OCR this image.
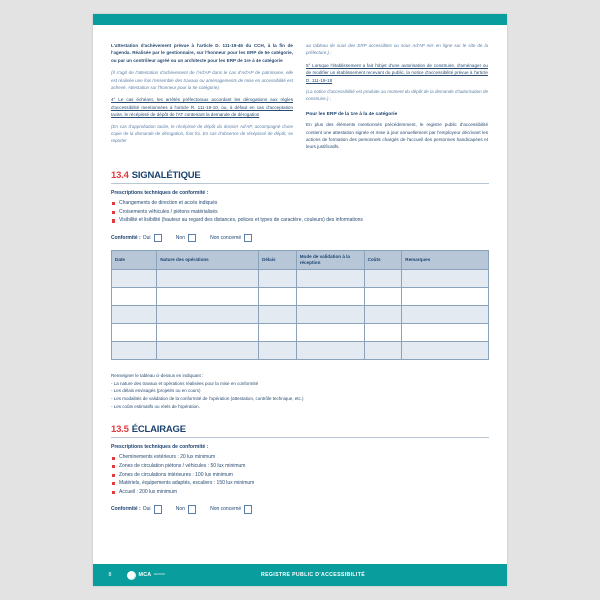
L'attestation d'achèvement prévue à l'article D. 111-19-46 du CCH, à la fin de l'agenda. Réalisée par le gestionnaire, sur l'honneur pour les ERP de 5e catégorie, ou par un contrôleur agréé ou un architecte pour les ERP de 1re à 4e catégorie

(Il s'agit de l'attestation d'achèvement de l'Ad'AP dans le cas d'Ad'AP de patrimoine, elle est réalisée une fois l'ensemble des travaux ou aménagements de mise en accessibilité est achevé. Attestation sur l'honneur pour la 5e catégorie).

4° Le cas échéant, les arrêtés préfectoraux accordant les dérogations aux règles d'accessibilité mentionnées à l'article R. 111-19-10, ou, à défaut en cas d'acceptation tacite, le récépissé de dépôt de l'AT contenant la demande de dérogation

(En cas d'approbation tacite, le récépissé de dépôt du dossier Ad'AP, accompagné d'une copie de la demande de dérogation, font foi. En cas d'absence de récépissé de dépôt, se reporter

au tableau de suivi des ERP accessibles ou sous Ad'AP mis en ligne sur le site de la préfecture.) ;

5° Lorsque l'établissement a fait l'objet d'une autorisation de construire, d'aménager ou de modifier un établissement recevant du public, la notice d'accessibilité prévue à l'article D. 111-19-18

(La notice d'accessibilité est produite au moment du dépôt de la demande d'autorisation de construire.) ;

Pour les ERP de la 1re à la 4e catégorie

En plus des éléments mentionnés précédemment, le registre public d'accessibilité contient une attestation signée et mise à jour annuellement par l'employeur décrivant les actions de formation des personnels chargés de l'accueil des personnes handicapées et leurs justificatifs.

13.4 SIGNALÉTIQUE
Prescriptions techniques de conformité :
Changements de direction et accès indiqués
Croisements véhicules / piétons matérialisés
Visibilité et lisibilité (hauteur au regard des distances, polices et types de caractère, couleurs) des informations
Conformité : Oui	Non	Non concerné
Date	Nature des opérations	Délais	Mode de validation à la réception	Coûts	Remarques

Renseigner le tableau ci-dessus en indiquant :
- La nature des travaux et opérations réalisées pour la mise en conformité
- Les délais envisagés (projetés ou en cours)
- Les modalités de validation de la conformité de l'opération (attestation, contrôle technique, etc.)
- Les coûts estimatifs ou réels de l'opération.
13.5 ÉCLAIRAGE
Prescriptions techniques de conformité :
Cheminements extérieurs : 20 lux minimum
Zones de circulation piétons / véhicules : 50 lux minimum
Zones de circulations intérieures : 100 lux minimum
Matériels, équipements adaptés, escaliers : 150 lux minimum
Accueil : 200 lux minimum
Conformité : Oui	Non	Non concerné
8	MCA GROUP	REGISTRE PUBLIC D'ACCESSIBILITÉ
